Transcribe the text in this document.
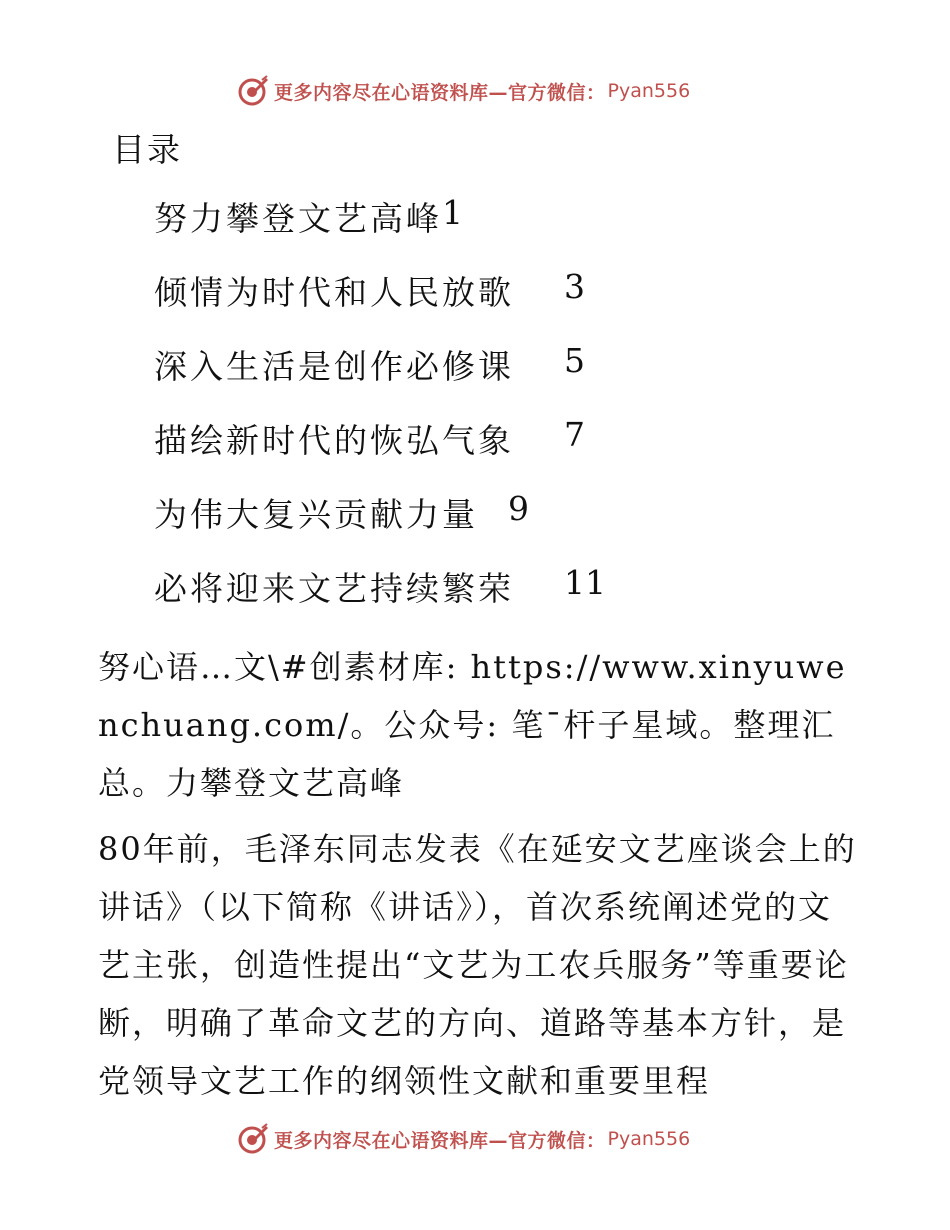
更多内容尽在心语资料库—官方微信： Pyan556
目录
努力攀登文艺高峰 1
倾情为时代和人民放歌 3
深入生活是创作必修课 5
描绘新时代的恢弘气象 7
为伟大复兴贡献力量 9
必将迎来文艺持续繁荣 11

努心语…文\#创素材库: https://www.xinyuwenchuang.com/。公众号: 笔¯杆子星域。整理汇总。力攀登文艺高峰

80年前，毛泽东同志发表《在延安文艺座谈会上的讲话》（以下简称《讲话》），首次系统阐述党的文艺主张，创造性提出“文艺为工农兵服务”等重要论断，明确了革命文艺的方向、道路等基本方针，是党领导文艺工作的纲领性文献和重要里程

更多内容尽在心语资料库—官方微信： Pyan556
